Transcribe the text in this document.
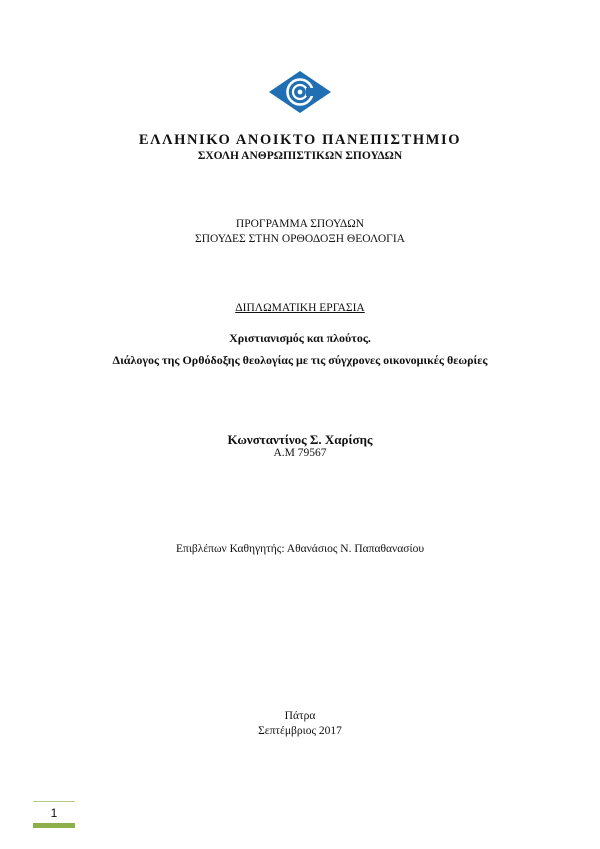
ΕΛΛΗΝΙΚΟ ΑΝΟΙΚΤΟ ΠΑΝΕΠΙΣΤΗΜΙΟ
ΣΧΟΛΗ ΑΝΘΡΩΠΙΣΤΙΚΩΝ ΣΠΟΥΔΩΝ
ΠΡΟΓΡΑΜΜΑ ΣΠΟΥΔΩΝ
ΣΠΟΥΔΕΣ ΣΤΗΝ ΟΡΘΟΔΟΞΗ ΘΕΟΛΟΓΙΑ
ΔΙΠΛΩΜΑΤΙΚΗ ΕΡΓΑΣΙΑ
Χριστιανισμός και πλούτος.
Διάλογος της Ορθόδοξης θεολογίας με τις σύγχρονες οικονομικές θεωρίες
Κωνσταντίνος Σ. Χαρίσης
Α.Μ 79567
Επιβλέπων Καθηγητής: Αθανάσιος Ν. Παπαθανασίου
Πάτρα
Σεπτέμβριος 2017
1
